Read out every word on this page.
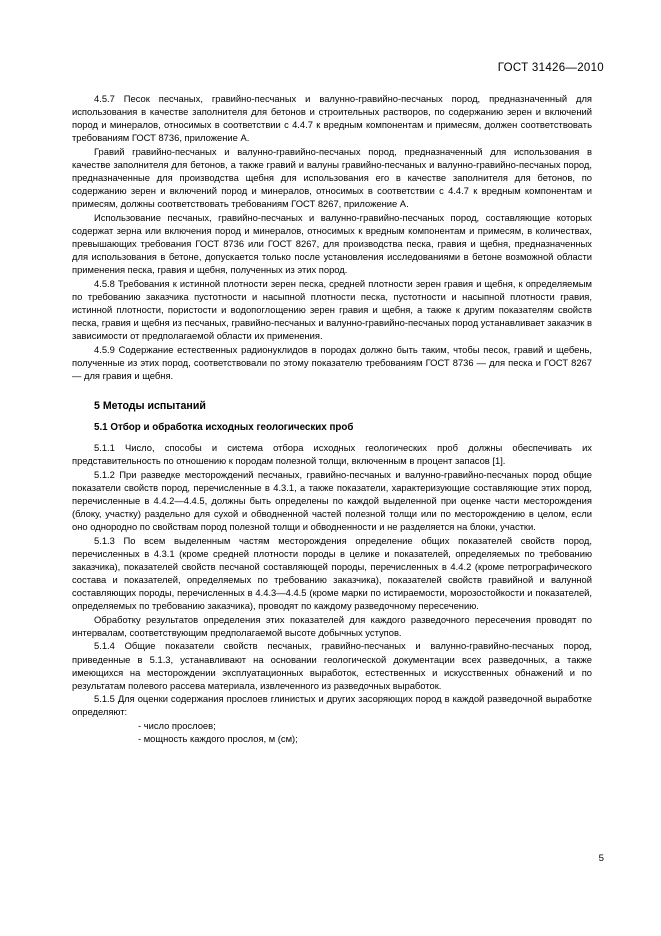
ГОСТ 31426—2010

4.5.7 Песок песчаных, гравийно-песчаных и валунно-гравийно-песчаных пород, предназначенный для использования в качестве заполнителя для бетонов и строительных растворов, по содержанию зерен и включений пород и минералов, относимых в соответствии с 4.4.7 к вредным компонентам и примесям, должен соответствовать требованиям ГОСТ 8736, приложение А.

Гравий гравийно-песчаных и валунно-гравийно-песчаных пород, предназначенный для использования в качестве заполнителя для бетонов, а также гравий и валуны гравийно-песчаных и валунно-гравийно-песчаных пород, предназначенные для производства щебня для использования его в качестве заполнителя для бетонов, по содержанию зерен и включений пород и минералов, относимых в соответствии с 4.4.7 к вредным компонентам и примесям, должны соответствовать требованиям ГОСТ 8267, приложение А.

Использование песчаных, гравийно-песчаных и валунно-гравийно-песчаных пород, составляющие которых содержат зерна или включения пород и минералов, относимых к вредным компонентам и примесям, в количествах, превышающих требования ГОСТ 8736 или ГОСТ 8267, для производства песка, гравия и щебня, предназначенных для использования в бетоне, допускается только после установления исследованиями в бетоне возможной области применения песка, гравия и щебня, полученных из этих пород.

4.5.8 Требования к истинной плотности зерен песка, средней плотности зерен гравия и щебня, к определяемым по требованию заказчика пустотности и насыпной плотности песка, пустотности и насыпной плотности гравия, истинной плотности, пористости и водопоглощению зерен гравия и щебня, а также к другим показателям свойств песка, гравия и щебня из песчаных, гравийно-песчаных и валунно-гравийно-песчаных пород устанавливает заказчик в зависимости от предполагаемой области их применения.

4.5.9 Содержание естественных радионуклидов в породах должно быть таким, чтобы песок, гравий и щебень, полученные из этих пород, соответствовали по этому показателю требованиям ГОСТ 8736 — для песка и ГОСТ 8267 — для гравия и щебня.

5 Методы испытаний
5.1 Отбор и обработка исходных геологических проб

5.1.1 Число, способы и система отбора исходных геологических проб должны обеспечивать их представительность по отношению к породам полезной толщи, включенным в процент запасов [1].

5.1.2 При разведке месторождений песчаных, гравийно-песчаных и валунно-гравийно-песчаных пород общие показатели свойств пород, перечисленные в 4.3.1, а также показатели, характеризующие составляющие этих пород, перечисленные в 4.4.2—4.4.5, должны быть определены по каждой выделенной при оценке части месторождения (блоку, участку) раздельно для сухой и обводненной частей полезной толщи или по месторождению в целом, если оно однородно по свойствам пород полезной толщи и обводненности и не разделяется на блоки, участки.

5.1.3 По всем выделенным частям месторождения определение общих показателей свойств пород, перечисленных в 4.3.1 (кроме средней плотности породы в целике и показателей, определяемых по требованию заказчика), показателей свойств песчаной составляющей породы, перечисленных в 4.4.2 (кроме петрографического состава и показателей, определяемых по требованию заказчика), показателей свойств гравийной и валунной составляющих породы, перечисленных в 4.4.3—4.4.5 (кроме марки по истираемости, морозостойкости и показателей, определяемых по требованию заказчика), проводят по каждому разведочному пересечению.

Обработку результатов определения этих показателей для каждого разведочного пересечения проводят по интервалам, соответствующим предполагаемой высоте добычных уступов.

5.1.4 Общие показатели свойств песчаных, гравийно-песчаных и валунно-гравийно-песчаных пород, приведенные в 5.1.3, устанавливают на основании геологической документации всех разведочных, а также имеющихся на месторождении эксплуатационных выработок, естественных и искусственных обнажений и по результатам полевого рассева материала, извлеченного из разведочных выработок.

5.1.5 Для оценки содержания прослоев глинистых и других засоряющих пород в каждой разведочной выработке определяют:

- число прослоев;
- мощность каждого прослоя, м (см);
5
